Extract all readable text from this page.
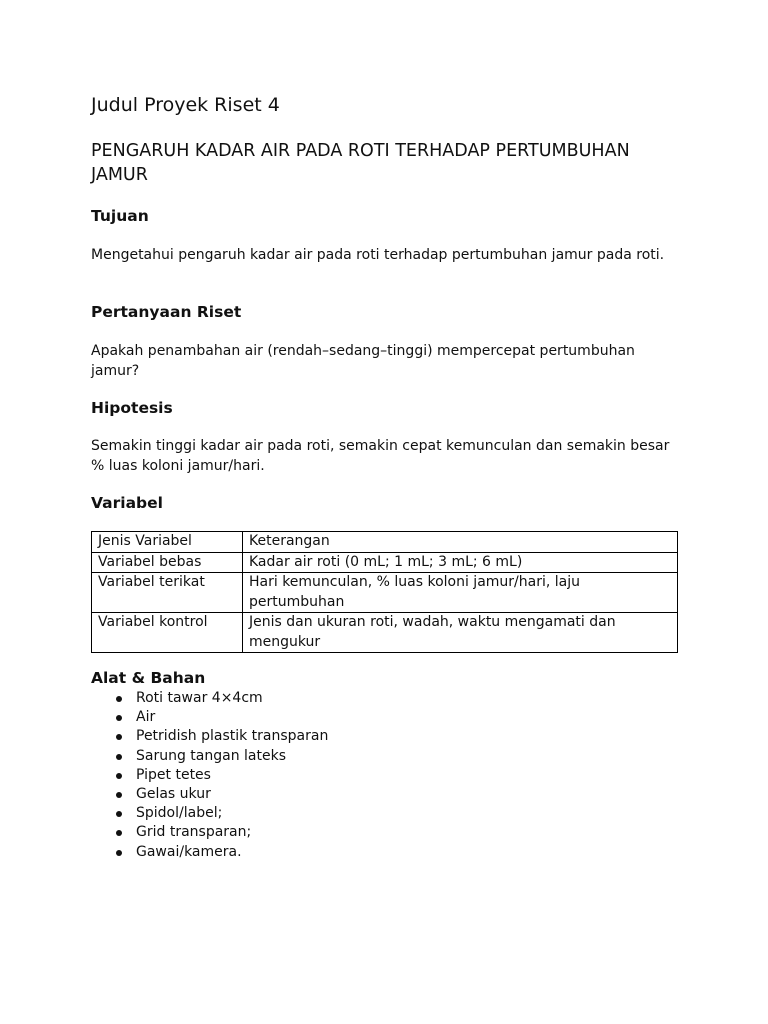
Judul Proyek Riset 4
PENGARUH KADAR AIR PADA ROTI TERHADAP PERTUMBUHAN JAMUR
Tujuan

Mengetahui pengaruh kadar air pada roti terhadap pertumbuhan jamur pada roti.

Pertanyaan Riset

Apakah penambahan air (rendah–sedang–tinggi) mempercepat pertumbuhan jamur?

Hipotesis

Semakin tinggi kadar air pada roti, semakin cepat kemunculan dan semakin besar % luas koloni jamur/hari.

Variabel
Jenis Variabel	Keterangan
Variabel bebas	Kadar air roti (0 mL; 1 mL; 3 mL; 6 mL)
Variabel terikat	Hari kemunculan, % luas koloni jamur/hari, laju pertumbuhan
Variabel kontrol	Jenis dan ukuran roti, wadah, waktu mengamati dan mengukur
Alat & Bahan
Roti tawar 4×4cm
Air
Petridish plastik transparan
Sarung tangan lateks
Pipet tetes
Gelas ukur
Spidol/label;
Grid transparan;
Gawai/kamera.
